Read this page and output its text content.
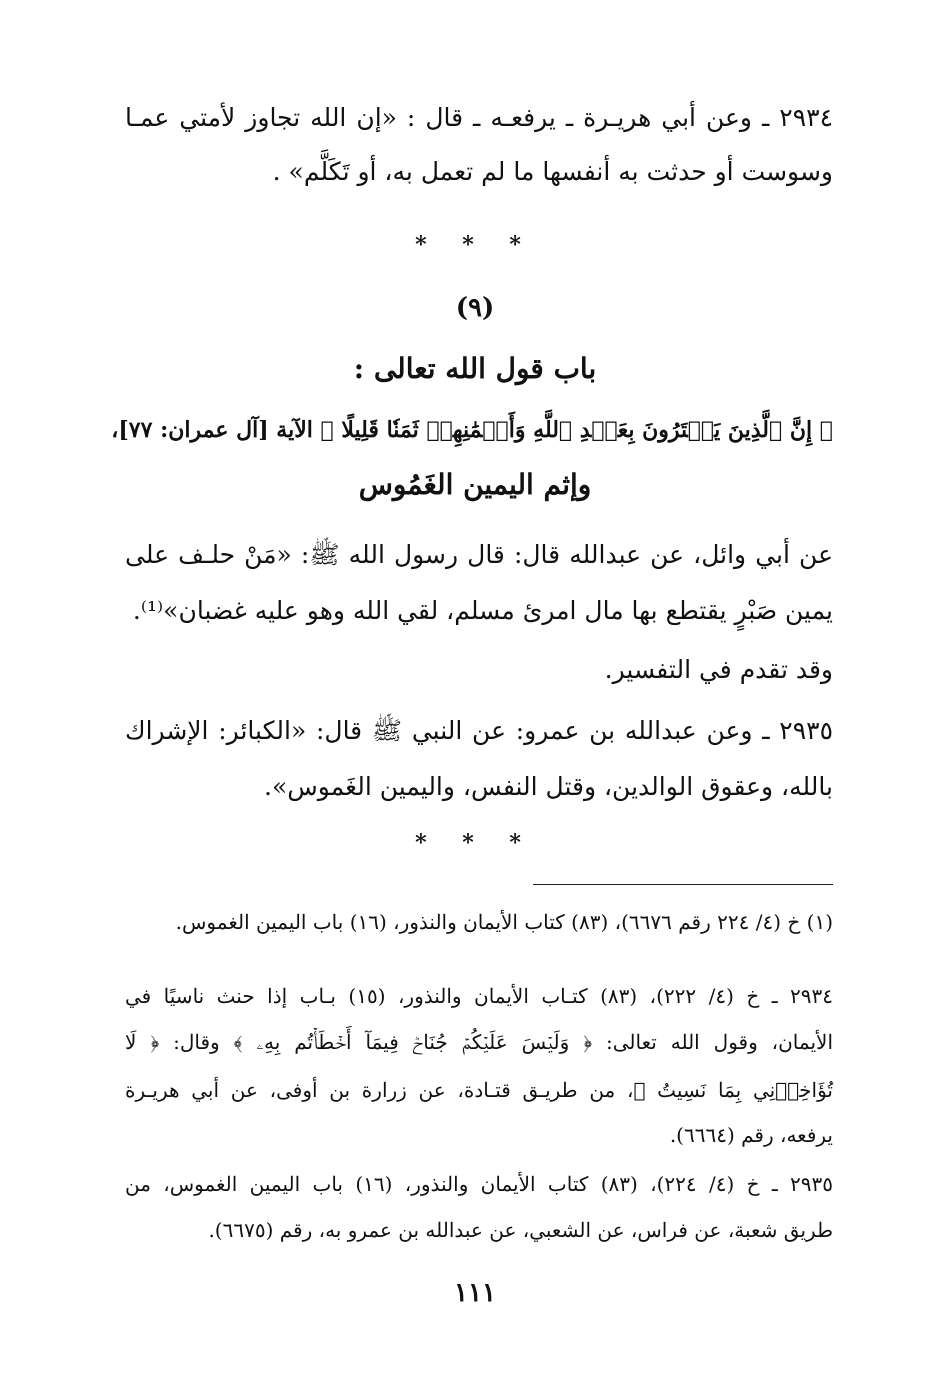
٢٩٣٤ ـ وعن أبي هريـرة ـ يرفعـه ـ قال : «إن الله تجاوز لأمتي عمـا
وسوست أو حدثت به أنفسها ما لم تعمل به، أو تَكَلَّم» .
* * *
(٩)
باب قول الله تعالى :
﴿ إِنَّ ٱلَّذِينَ يَشۡتَرُونَ بِعَهۡدِ ٱللَّهِ وَأَيۡمَٰنِهِمۡ ثَمَنٗا قَلِيلًا ﴾ الآية [آل عمران: ٧٧]،
وإثم اليمين الغَمُوس
عن أبي وائل، عن عبدالله قال: قال رسول الله ﷺ: «مَنْ حلـف على
يمين صَبْرٍ يقتطع بها مال امرئ مسلم، لقي الله وهو عليه غضبان»⁽¹⁾.
وقد تقدم في التفسير.
٢٩٣٥ ـ وعن عبدالله بن عمرو: عن النبي ﷺ قال: «الكبائر: الإشراك
بالله، وعقوق الوالدين، وقتل النفس، واليمين الغَموس».
* * *
(١) خ (٤/ ٢٢٤ رقم ٦٦٧٦)، (٨٣) كتاب الأيمان والنذور، (١٦) باب اليمين الغموس.
٢٩٣٤ ـ خ (٤/ ٢٢٢)، (٨٣) كتـاب الأيمان والنذور، (١٥) بـاب إذا حنث ناسيًا في
الأيمان، وقول الله تعالى: ﴿ وَلَيۡسَ عَلَيۡكُمۡ جُنَاحٞ فِيمَآ أَخۡطَأۡتُم بِهِۦ ﴾ وقال: ﴿ لَا
تُؤَاخِذۡنِي بِمَا نَسِيتُ ﴾، من طريـق قتـادة، عن زرارة بن أوفى، عن أبي هريـرة
يرفعه، رقم (٦٦٦٤).
٢٩٣٥ ـ خ (٤/ ٢٢٤)، (٨٣) كتاب الأيمان والنذور، (١٦) باب اليمين الغموس، من
طريق شعبة، عن فراس، عن الشعبي، عن عبدالله بن عمرو به، رقم (٦٦٧٥).
١١١
